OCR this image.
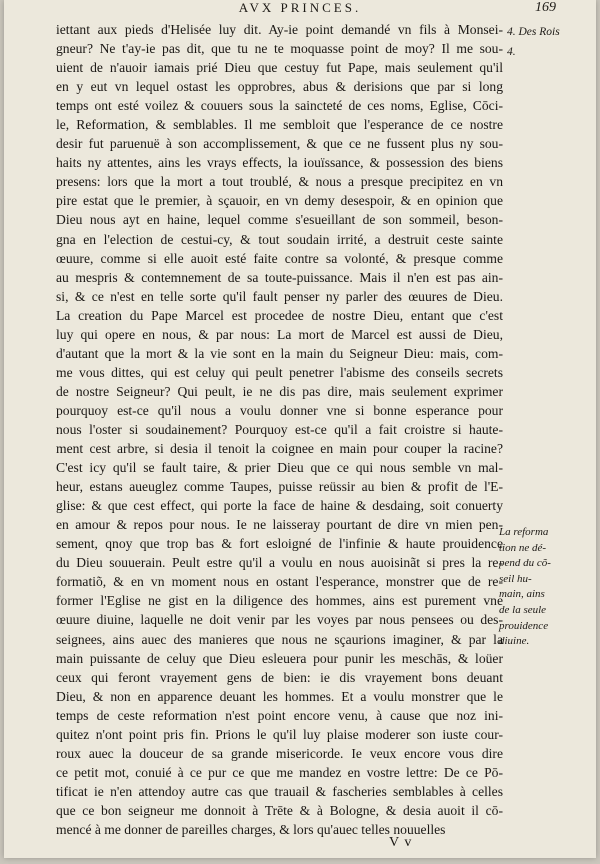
AVX PRINCES.	169
4. Des Rois
4.
iettant aux pieds d'Helisée luy dit. Ay-ie point demandé vn fils à Monsei-
gneur? Ne t'ay-ie pas dit, que tu ne te moquasse point de moy? Il me sou-
uient de n'auoir iamais prié Dieu que cestuy fut Pape, mais seulement qu'il
en y eut vn lequel ostast les opprobres, abus & derisions que par si long
temps ont esté voilez & couuers sous la saincteté de ces noms, Eglise, Cōci-
le, Reformation, & semblables. Il me sembloit que l'esperance de ce nostre
desir fut paruenuë à son accomplissement, & que ce ne fussent plus ny sou-
haits ny attentes, ains les vrays effects, la iouïssance, & possession des biens
presens: lors que la mort a tout troublé, & nous a presque precipitez en vn
pire estat que le premier, à sçauoir, en vn demy desespoir, & en opinion que
Dieu nous ayt en haine, lequel comme s'esueillant de son sommeil, beson-
gna en l'election de cestui-cy, & tout soudain irrité, a destruit ceste sainte
œuure, comme si elle auoit esté faite contre sa volonté, & presque comme
au mespris & contemnement de sa toute-puissance. Mais il n'en est pas ain-
si, & ce n'est en telle sorte qu'il fault penser ny parler des œuures de Dieu.
La creation du Pape Marcel est procedee de nostre Dieu, entant que c'est
luy qui opere en nous, & par nous: La mort de Marcel est aussi de Dieu,
d'autant que la mort & la vie sont en la main du Seigneur Dieu: mais, com-
me vous dittes, qui est celuy qui peult penetrer l'abisme des conseils secrets
de nostre Seigneur? Qui peult, ie ne dis pas dire, mais seulement exprimer
pourquoy est-ce qu'il nous a voulu donner vne si bonne esperance pour
nous l'oster si soudainement? Pourquoy est-ce qu'il a fait croistre si haute-
ment cest arbre, si desia il tenoit la coignee en main pour couper la racine?
C'est icy qu'il se fault taire, & prier Dieu que ce qui nous semble vn mal-
heur, estans aueuglez comme Taupes, puisse reüssir au bien & profit de l'E-
glise: & que cest effect, qui porte la face de haine & desdaing, soit conuerty
en amour & repos pour nous. Ie ne laisseray pourtant de dire vn mien pen-
sement, qnoy que trop bas & fort esloigné de l'infinie & haute prouidence
du Dieu souuerain. Peult estre qu'il a voulu en nous auoisinãt si pres la re-
formatiõ, & en vn moment nous en ostant l'esperance, monstrer que de re-
former l'Eglise ne gist en la diligence des hommes, ains est purement vne
œuure diuine, laquelle ne doit venir par les voyes par nous pensees ou des-
seignees, ains auec des manieres que nous ne sçaurions imaginer, & par la
main puissante de celuy que Dieu esleuera pour punir les meschās, & loüer
ceux qui feront vrayement gens de bien: ie dis vrayement bons deuant
Dieu, & non en apparence deuant les hommes. Et a voulu monstrer que le
temps de ceste reformation n'est point encore venu, à cause que noz ini-
quitez n'ont point pris fin. Prions le qu'il luy plaise moderer son iuste cour-
roux auec la douceur de sa grande misericorde. Ie veux encore vous dire
ce petit mot, conuié à ce pur ce que me mandez en vostre lettre: De ce Pō-
tificat ie n'en attendoy autre cas que trauail & fascheries semblables à celles
que ce bon seigneur me donnoit à Trēte & à Bologne, & desia auoit il cō-
mencé à me donner de pareilles charges, & lors qu'auec telles nouuelles
La reforma
tion ne dé-
pend du cõ-
seil hu-
main, ains
de la seule
prouidence
diuine.
V v
